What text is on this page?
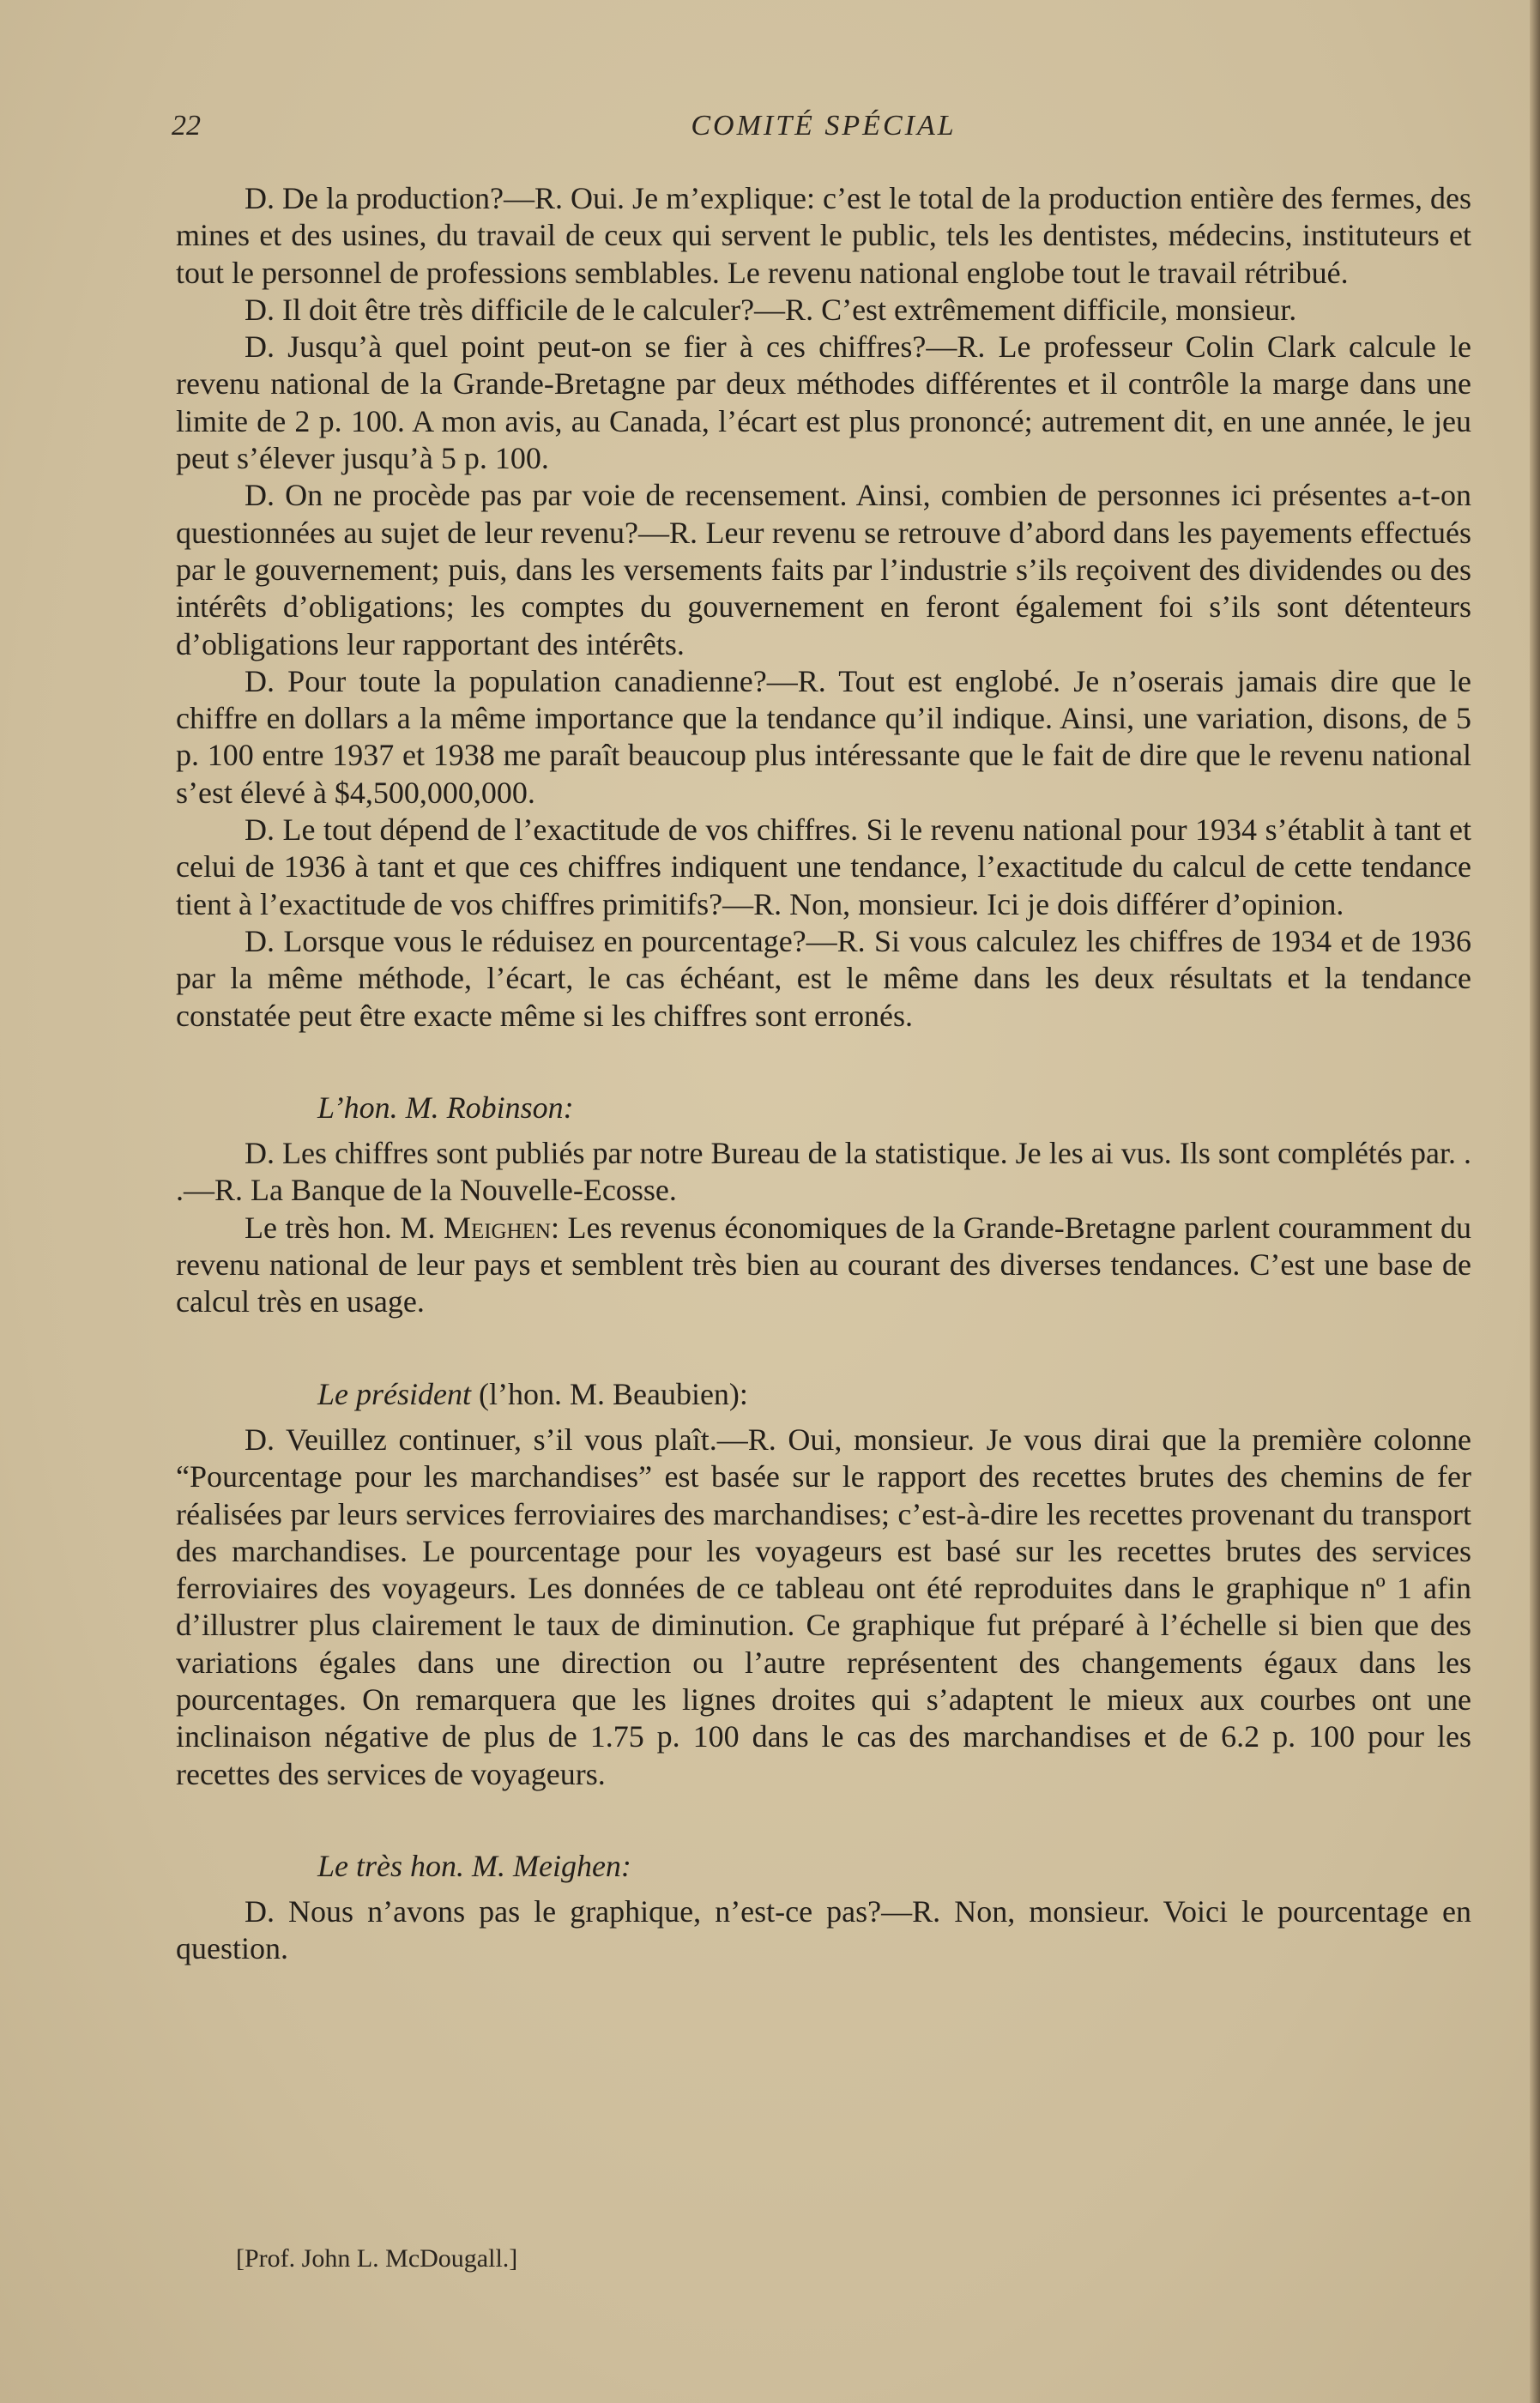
22	COMITÉ SPÉCIAL

D. De la production?—R. Oui. Je m’explique: c’est le total de la production entière des fermes, des mines et des usines, du travail de ceux qui servent le public, tels les dentistes, médecins, instituteurs et tout le personnel de professions semblables. Le revenu national englobe tout le travail rétribué.

D. Il doit être très difficile de le calculer?—R. C’est extrêmement difficile, monsieur.

D. Jusqu’à quel point peut-on se fier à ces chiffres?—R. Le professeur Colin Clark calcule le revenu national de la Grande-Bretagne par deux méthodes différentes et il contrôle la marge dans une limite de 2 p. 100. A mon avis, au Canada, l’écart est plus prononcé; autrement dit, en une année, le jeu peut s’élever jusqu’à 5 p. 100.

D. On ne procède pas par voie de recensement. Ainsi, combien de personnes ici présentes a-t-on questionnées au sujet de leur revenu?—R. Leur revenu se retrouve d’abord dans les payements effectués par le gouvernement; puis, dans les versements faits par l’industrie s’ils reçoivent des dividendes ou des intérêts d’obligations; les comptes du gouvernement en feront également foi s’ils sont détenteurs d’obligations leur rapportant des intérêts.

D. Pour toute la population canadienne?—R. Tout est englobé. Je n’oserais jamais dire que le chiffre en dollars a la même importance que la tendance qu’il indique. Ainsi, une variation, disons, de 5 p. 100 entre 1937 et 1938 me paraît beaucoup plus intéressante que le fait de dire que le revenu national s’est élevé à $4,500,000,000.

D. Le tout dépend de l’exactitude de vos chiffres. Si le revenu national pour 1934 s’établit à tant et celui de 1936 à tant et que ces chiffres indiquent une tendance, l’exactitude du calcul de cette tendance tient à l’exactitude de vos chiffres primitifs?—R. Non, monsieur. Ici je dois différer d’opinion.

D. Lorsque vous le réduisez en pourcentage?—R. Si vous calculez les chiffres de 1934 et de 1936 par la même méthode, l’écart, le cas échéant, est le même dans les deux résultats et la tendance constatée peut être exacte même si les chiffres sont erronés.

L’hon. M. Robinson:

D. Les chiffres sont publiés par notre Bureau de la statistique. Je les ai vus. Ils sont complétés par. . .—R. La Banque de la Nouvelle-Ecosse.

Le très hon. M. Meighen: Les revenus économiques de la Grande-Bretagne parlent couramment du revenu national de leur pays et semblent très bien au courant des diverses tendances. C’est une base de calcul très en usage.

Le président (l’hon. M. Beaubien):

D. Veuillez continuer, s’il vous plaît.—R. Oui, monsieur. Je vous dirai que la première colonne “Pourcentage pour les marchandises” est basée sur le rapport des recettes brutes des chemins de fer réalisées par leurs services ferroviaires des marchandises; c’est-à-dire les recettes provenant du transport des marchandises. Le pourcentage pour les voyageurs est basé sur les recettes brutes des services ferroviaires des voyageurs. Les données de ce tableau ont été reproduites dans le graphique nº 1 afin d’illustrer plus clairement le taux de diminution. Ce graphique fut préparé à l’échelle si bien que des variations égales dans une direction ou l’autre représentent des changements égaux dans les pourcentages. On remarquera que les lignes droites qui s’adaptent le mieux aux courbes ont une inclinaison négative de plus de 1.75 p. 100 dans le cas des marchandises et de 6.2 p. 100 pour les recettes des services de voyageurs.

Le très hon. M. Meighen:

D. Nous n’avons pas le graphique, n’est-ce pas?—R. Non, monsieur. Voici le pourcentage en question.

[Prof. John L. McDougall.]
